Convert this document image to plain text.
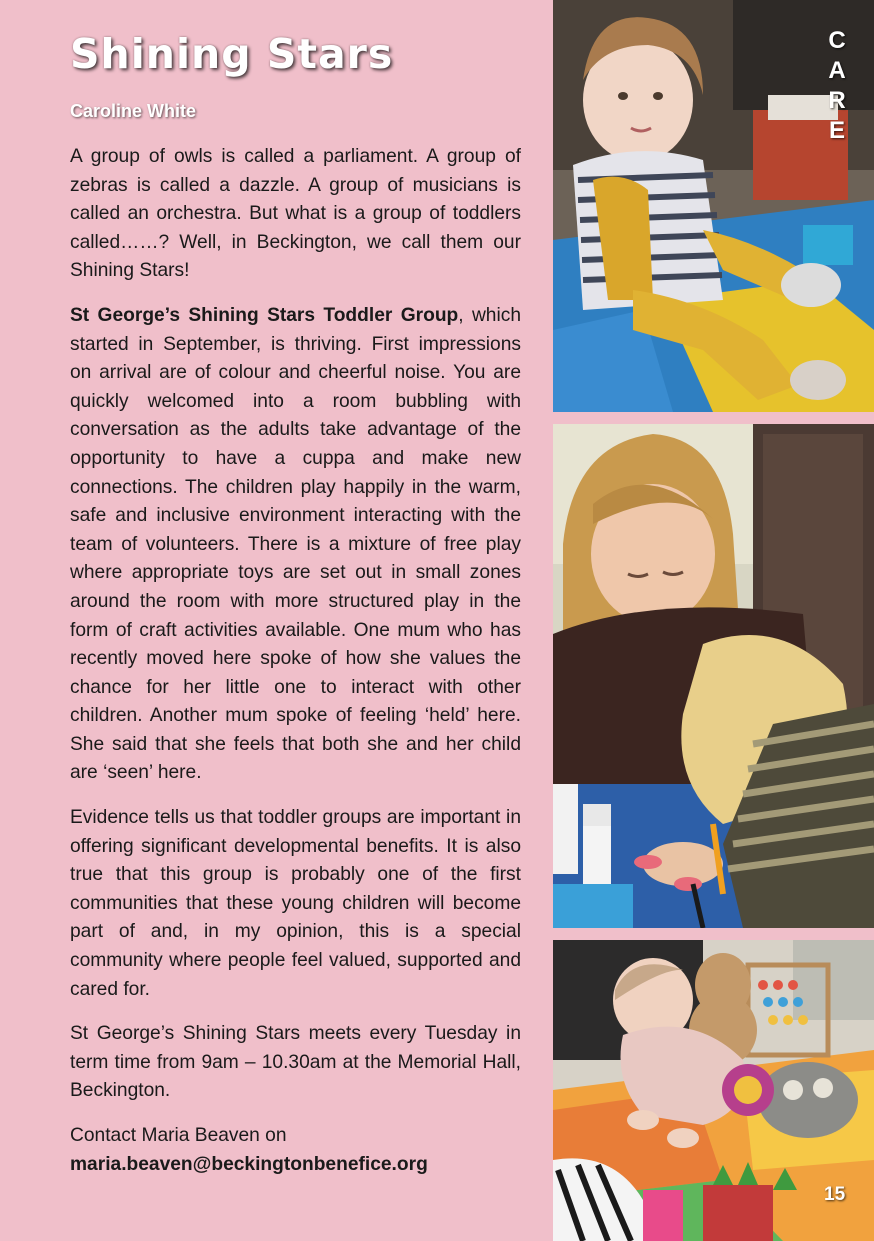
Shining Stars
Caroline White

A group of owls is called a parliament. A group of zebras is called a dazzle. A group of musicians is called an orchestra. But what is a group of toddlers called……? Well, in Beckington, we call them our Shining Stars!

St George’s Shining Stars Toddler Group, which started in September, is thriving. First impressions on arrival are of colour and cheerful noise. You are quickly welcomed into a room bubbling with conversation as the adults take advantage of the opportunity to have a cuppa and make new connections. The children play happily in the warm, safe and inclusive environment interacting with the team of volunteers. There is a mixture of free play where appropriate toys are set out in small zones around the room with more structured play in the form of craft activities available. One mum who has recently moved here spoke of how she values the chance for her little one to interact with other children. Another mum spoke of feeling ‘held’ here. She said that she feels that both she and her child are ‘seen’ here.

Evidence tells us that toddler groups are important in offering significant developmental benefits. It is also true that this group is probably one of the first communities that these young children will become part of and, in my opinion, this is a special community where people feel valued, supported and cared for.

St George’s Shining Stars meets every Tuesday in term time from 9am – 10.30am at the Memorial Hall, Beckington.

Contact Maria Beaven on
maria.beaven@beckingtonbenefice.org

C
A
R
E
15
